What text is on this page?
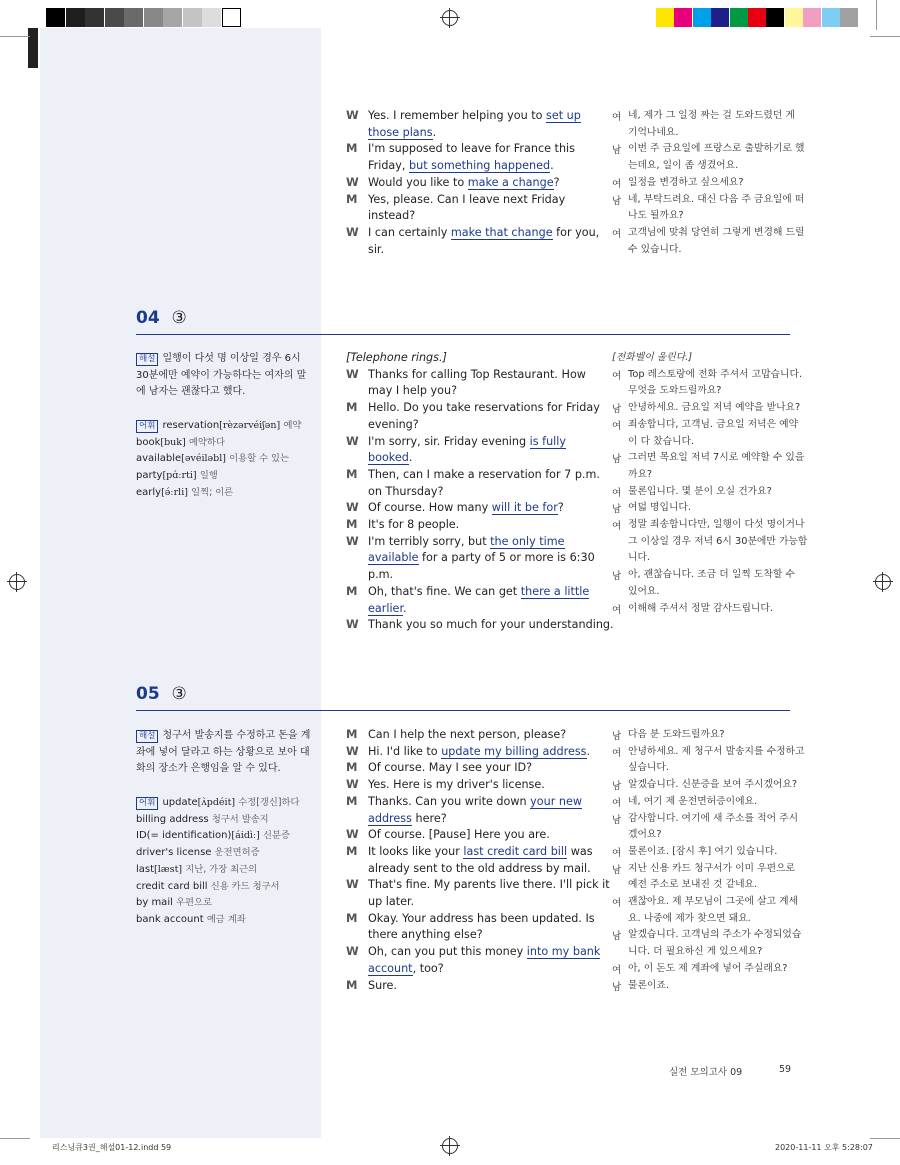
W Yes. I remember helping you to set up
those plans.
M I'm supposed to leave for France this
Friday, but something happened.
W Would you like to make a change?
M Yes, please. Can I leave next Friday
instead?
W I can certainly make that change for you,
sir.
여 네, 제가 그 일정 짜는 걸 도와드렸던 게
기억나네요.
남 이번 주 금요일에 프랑스로 출발하기로 했
는데요, 일이 좀 생겼어요.
여 일정을 변경하고 싶으세요?
남 네, 부탁드려요. 대신 다음 주 금요일에 떠
나도 될까요?
여 고객님에 맞춰 당연히 그렇게 변경해 드릴
수 있습니다.
04 ③
05 ③
해설 일행이 다섯 명 이상일 경우 6시
30분에만 예약이 가능하다는 여자의 말
에 남자는 괜찮다고 했다.
어휘 reservation[rèzərvéiʃən] 예약
book[buk] 예약하다
available[əvéiləbl] 이용할 수 있는
party[pɑ́ːrti] 일행
early[ə́ːrli] 일찍; 이른
[Telephone rings.]
W Thanks for calling Top Restaurant. How
may I help you?
M Hello. Do you take reservations for Friday
evening?
W I'm sorry, sir. Friday evening is fully
booked.
M Then, can I make a reservation for 7 p.m.
on Thursday?
W Of course. How many will it be for?
M It's for 8 people.
W I'm terribly sorry, but the only time
available for a party of 5 or more is 6:30
p.m.
M Oh, that's fine. We can get there a little
earlier.
W Thank you so much for your understanding.
[전화벨이 울린다.]
여 Top 레스토랑에 전화 주셔서 고맙습니다.
무엇을 도와드릴까요?
남 안녕하세요. 금요일 저녁 예약을 받나요?
여 죄송합니다, 고객님. 금요일 저녁은 예약
이 다 찼습니다.
남 그러면 목요일 저녁 7시로 예약할 수 있을
까요?
여 물론입니다. 몇 분이 오실 건가요?
남 여덟 명입니다.
여 정말 죄송합니다만, 일행이 다섯 명이거나
그 이상일 경우 저녁 6시 30분에만 가능합
니다.
남 아, 괜찮습니다. 조금 더 일찍 도착할 수
있어요.
여 이해해 주셔서 정말 감사드립니다.
해설 청구서 발송지를 수정하고 돈을 계
좌에 넣어 달라고 하는 상황으로 보아 대
화의 장소가 은행임을 알 수 있다.
어휘 update[ʌ̀pdéit] 수정[갱신]하다
billing address 청구서 발송지
ID(= identification)[áidìː] 신분증
driver's license 운전면허증
last[læst] 지난, 가장 최근의
credit card bill 신용 카드 청구서
by mail 우편으로
bank account 예금 계좌
M Can I help the next person, please?
W Hi. I'd like to update my billing address.
M Of course. May I see your ID?
W Yes. Here is my driver's license.
M Thanks. Can you write down your new
address here?
W Of course. [Pause] Here you are.
M It looks like your last credit card bill was
already sent to the old address by mail.
W That's fine. My parents live there. I'll pick it
up later.
M Okay. Your address has been updated. Is
there anything else?
W Oh, can you put this money into my bank
account, too?
M Sure.
남 다음 분 도와드릴까요?
여 안녕하세요. 제 청구서 발송지를 수정하고
싶습니다.
남 알겠습니다. 신분증을 보여 주시겠어요?
여 네, 여기 제 운전면허증이에요.
남 감사합니다. 여기에 새 주소를 적어 주시
겠어요?
여 물론이죠. [잠시 후] 여기 있습니다.
남 지난 신용 카드 청구서가 이미 우편으로
예전 주소로 보내진 것 같네요.
여 괜찮아요. 제 부모님이 그곳에 살고 계세
요. 나중에 제가 찾으면 돼요.
남 알겠습니다. 고객님의 주소가 수정되었습
니다. 더 필요하신 게 있으세요?
여 아, 이 돈도 제 계좌에 넣어 주실래요?
남 물론이죠.
실전 모의고사 09	59
리스닝큐3권_해설01-12.indd 59	2020-11-11 오후 5:28:07
